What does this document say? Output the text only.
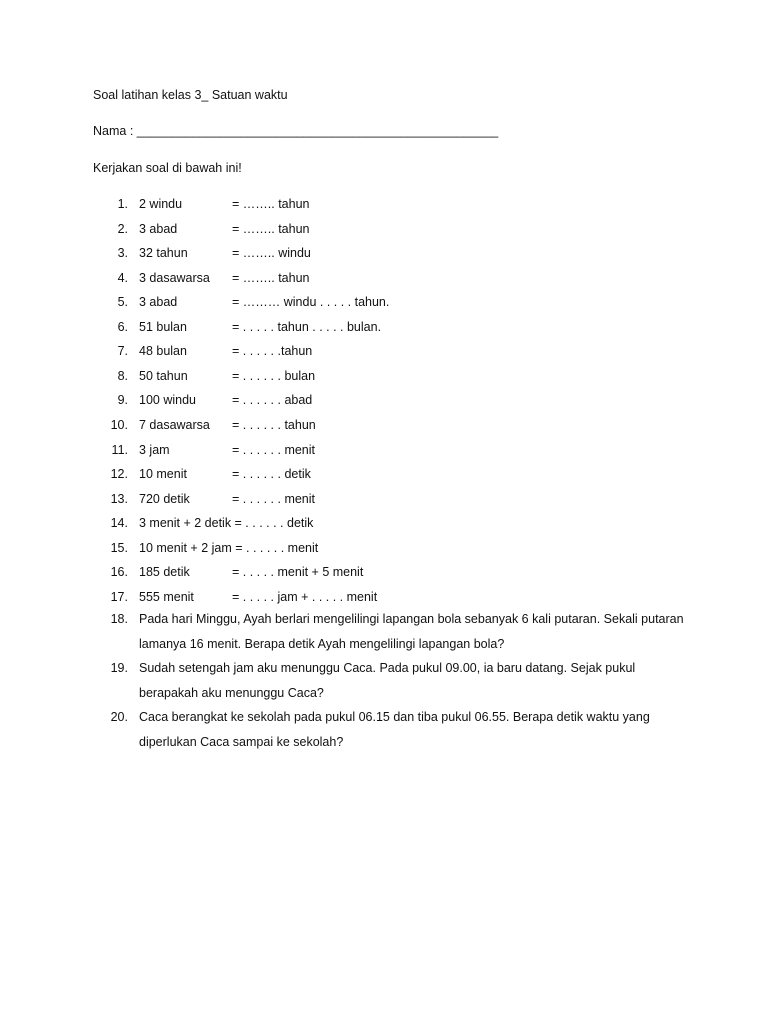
Soal latihan kelas 3_ Satuan waktu
Nama : ____________________________________________________
Kerjakan soal di bawah ini!
1. 2 windu	= …….. tahun
2. 3 abad	= …….. tahun
3. 32 tahun	= …….. windu
4. 3 dasawarsa = …….. tahun
5. 3 abad	= ……… windu . . . . . tahun.
6. 51 bulan	= . . . . . tahun . . . . . bulan.
7. 48 bulan	= . . . . . .tahun
8. 50 tahun	= . . . . . . bulan
9. 100 windu	= . . . . . . abad
10. 7 dasawarsa = . . . . . . tahun
11. 3 jam	= . . . . . . menit
12. 10 menit	= . . . . . . detik
13. 720 detik	= . . . . . . menit
14. 3 menit + 2 detik = . . . . . . detik
15. 10 menit + 2 jam = . . . . . . menit
16. 185 detik	= . . . . . menit + 5 menit
17. 555 menit	= . . . . . jam + . . . . . menit
18. Pada hari Minggu, Ayah berlari mengelilingi lapangan bola sebanyak 6 kali putaran. Sekali putaran lamanya 16 menit. Berapa detik Ayah mengelilingi lapangan bola?
19. Sudah setengah jam aku menunggu Caca. Pada pukul 09.00, ia baru datang. Sejak pukul berapakah aku menunggu Caca?
20. Caca berangkat ke sekolah pada pukul 06.15 dan tiba pukul 06.55. Berapa detik waktu yang diperlukan Caca sampai ke sekolah?
